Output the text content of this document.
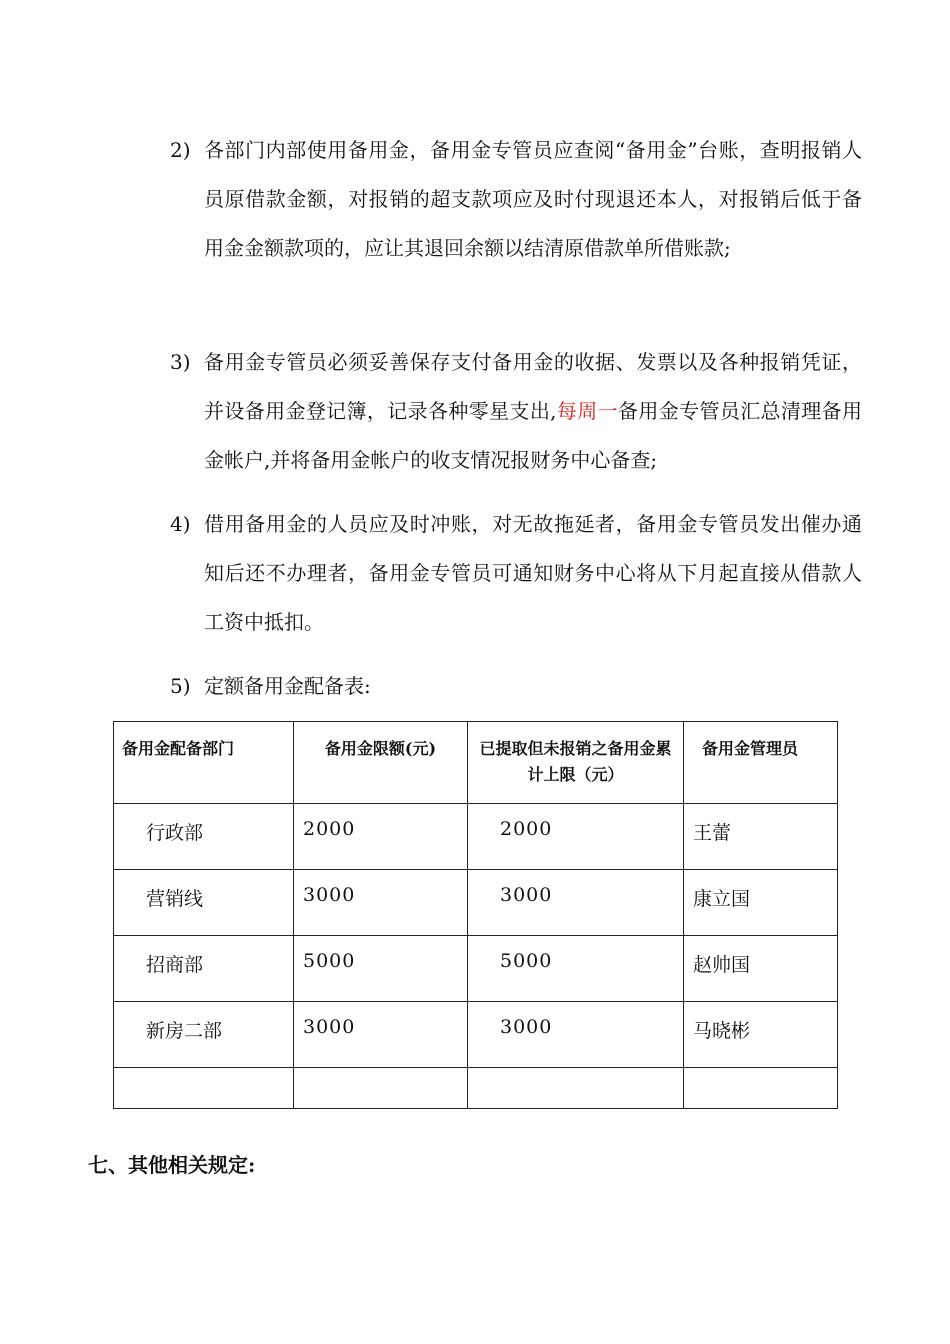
2) 各部门内部使用备用金，备用金专管员应查阅“备用金”台账，查明报销人员原借款金额，对报销的超支款项应及时付现退还本人，对报销后低于备用金金额款项的，应让其退回余额以结清原借款单所借账款;
3) 备用金专管员必须妥善保存支付备用金的收据、发票以及各种报销凭证，并设备用金登记簿，记录各种零星支出,每周一备用金专管员汇总清理备用金帐户,并将备用金帐户的收支情况报财务中心备查;
4) 借用备用金的人员应及时冲账，对无故拖延者，备用金专管员发出催办通知后还不办理者，备用金专管员可通知财务中心将从下月起直接从借款人工资中抵扣。
5) 定额备用金配备表:
备用金配备部门	备用金限额(元)	已提取但未报销之备用金累计上限（元）	备用金管理员
行政部	2000	2000	王蕾
营销线	3000	3000	康立国
招商部	5000	5000	赵帅国
新房二部	3000	3000	马晓彬

七、其他相关规定:
